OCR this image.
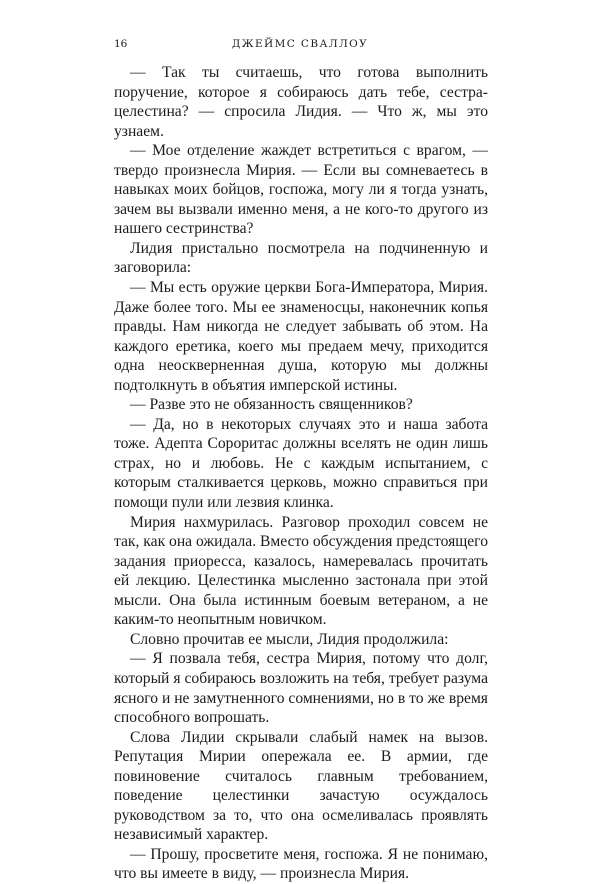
16	ДЖЕЙМС СВАЛЛОУ

— Так ты считаешь, что готова выполнить поручение, которое я собираюсь дать тебе, сестра-целестина? — спросила Лидия. — Что ж, мы это узнаем.

— Мое отделение жаждет встретиться с врагом, — твердо произнесла Мирия. — Если вы сомневаетесь в навыках моих бойцов, госпожа, могу ли я тогда узнать, зачем вы вызвали именно меня, а не кого-то другого из нашего сестринства?

Лидия пристально посмотрела на подчиненную и заговорила:

— Мы есть оружие церкви Бога-Императора, Мирия. Даже более того. Мы ее знаменосцы, наконечник копья правды. Нам никогда не следует забывать об этом. На каждого еретика, коего мы предаем мечу, приходится одна неоскверненная душа, которую мы должны подтолкнуть в объятия имперской истины.

— Разве это не обязанность священников?

— Да, но в некоторых случаях это и наша забота тоже. Адепта Сороритас должны вселять не один лишь страх, но и любовь. Не с каждым испытанием, с которым сталкивается церковь, можно справиться при помощи пули или лезвия клинка.

Мирия нахмурилась. Разговор проходил совсем не так, как она ожидала. Вместо обсуждения предстоящего задания приоресса, казалось, намеревалась прочитать ей лекцию. Целестинка мысленно застонала при этой мысли. Она была истинным боевым ветераном, а не каким-то неопытным новичком.

Словно прочитав ее мысли, Лидия продолжила:

— Я позвала тебя, сестра Мирия, потому что долг, который я собираюсь возложить на тебя, требует разума ясного и не замутненного сомнениями, но в то же время способного вопрошать.

Слова Лидии скрывали слабый намек на вызов. Репутация Мирии опережала ее. В армии, где повиновение считалось главным требованием, поведение целестинки зачастую осуждалось руководством за то, что она осмеливалась проявлять независимый характер.

— Прошу, просветите меня, госпожа. Я не понимаю, что вы имеете в виду, — произнесла Мирия.
